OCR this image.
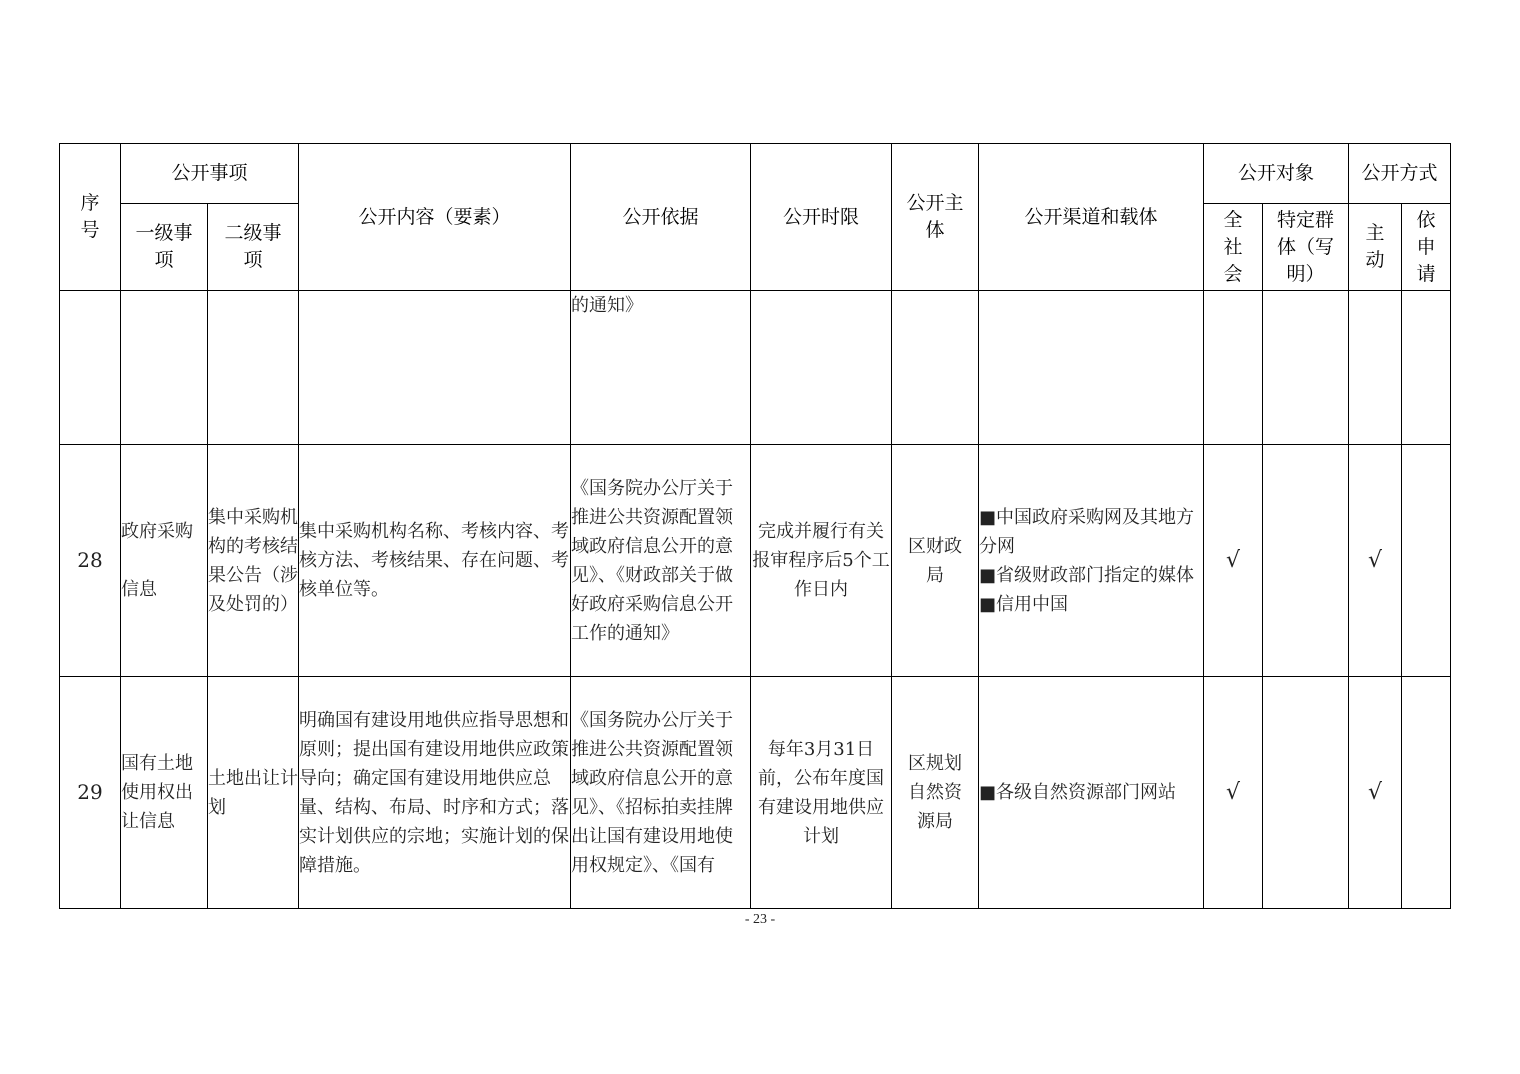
序号	公开事项		公开内容（要素）	公开依据	公开时限	公开主体	公开渠道和载体	公开对象		公开方式	
	一级事项	二级事项						全社会	特定群体（写明）	主动	依申请
				的通知》							
28	政府采购信息	集中采购机构的考核结果公告（涉及处罚的）	集中采购机构名称、考核内容、考核方法、考核结果、存在问题、考核单位等。	《国务院办公厅关于推进公共资源配置领域政府信息公开的意见》、《财政部关于做好政府采购信息公开工作的通知》	完成并履行有关报审程序后5个工作日内	区财政局	■中国政府采购网及其地方分网
■省级财政部门指定的媒体
■信用中国	√		√	
29	国有土地使用权出让信息	土地出让计划	明确国有建设用地供应指导思想和原则；提出国有建设用地供应政策导向；确定国有建设用地供应总量、结构、布局、时序和方式；落实计划供应的宗地；实施计划的保障措施。	《国务院办公厅关于推进公共资源配置领域政府信息公开的意见》、《招标拍卖挂牌出让国有建设用地使用权规定》、《国有	每年3月31日前，公布年度国有建设用地供应计划	区规划自然资源局	■各级自然资源部门网站	√		√	
- 23 -
